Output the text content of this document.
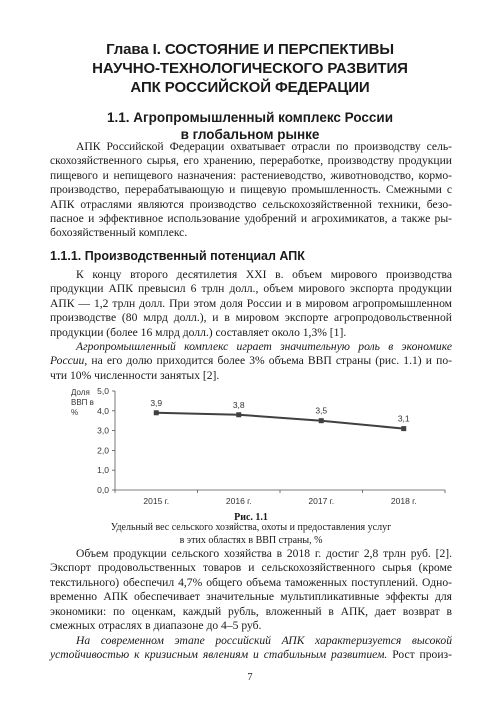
Глава I. СОСТОЯНИЕ И ПЕРСПЕКТИВЫ
НАУЧНО-ТЕХНОЛОГИЧЕСКОГО РАЗВИТИЯ
АПК РОССИЙСКОЙ ФЕДЕРАЦИИ
1.1. Агропромышленный комплекс России
в глобальном рынке

АПК Российской Федерации охватывает отрасли по производству сель-
скохозяйственного сырья, его хранению, переработке, производству продукции
пищевого и непищевого назначения: растениеводство, животноводство, кормо-
производство, перерабатывающую и пищевую промышленность. Смежными с
АПК отраслями являются производство сельскохозяйственной техники, безо-
пасное и эффективное использование удобрений и агрохимикатов, а также ры-
бохозяйственный комплекс.

1.1.1. Производственный потенциал АПК

К концу второго десятилетия XXI в. объем мирового производства
продукции АПК превысил 6 трлн долл., объем мирового экспорта продукции
АПК — 1,2 трлн долл. При этом доля России и в мировом агропромышленном
производстве (80 млрд долл.), и в мировом экспорте агропродовольственной
продукции (более 16 млрд долл.) составляет около 1,3% [1].

Агропромышленный комплекс играет значительную роль в экономике
России, на его долю приходится более 3% объема ВВП страны (рис. 1.1) и по-
чти 10% численности занятых [2].

Доля ВВП в %
5,0
4,0
3,0
2,0
1,0
0,0
2015 г.	2016 г.	2017 г.	2018 г.
3,9	3,8
3,5
3,1

Рис. 1.1

Удельный вес сельского хозяйства, охоты и предоставления услуг
в этих областях в ВВП страны, %

Объем продукции сельского хозяйства в 2018 г. достиг 2,8 трлн руб. [2].
Экспорт продовольственных товаров и сельскохозяйственного сырья (кроме
текстильного) обеспечил 4,7% общего объема таможенных поступлений. Одно-
временно АПК обеспечивает значительные мультипликативные эффекты для
экономики: по оценкам, каждый рубль, вложенный в АПК, дает возврат в
смежных отраслях в диапазоне до 4–5 руб.

На современном этапе российский АПК характеризуется высокой
устойчивостью к кризисным явлениям и стабильным развитием. Рост произ-

7
